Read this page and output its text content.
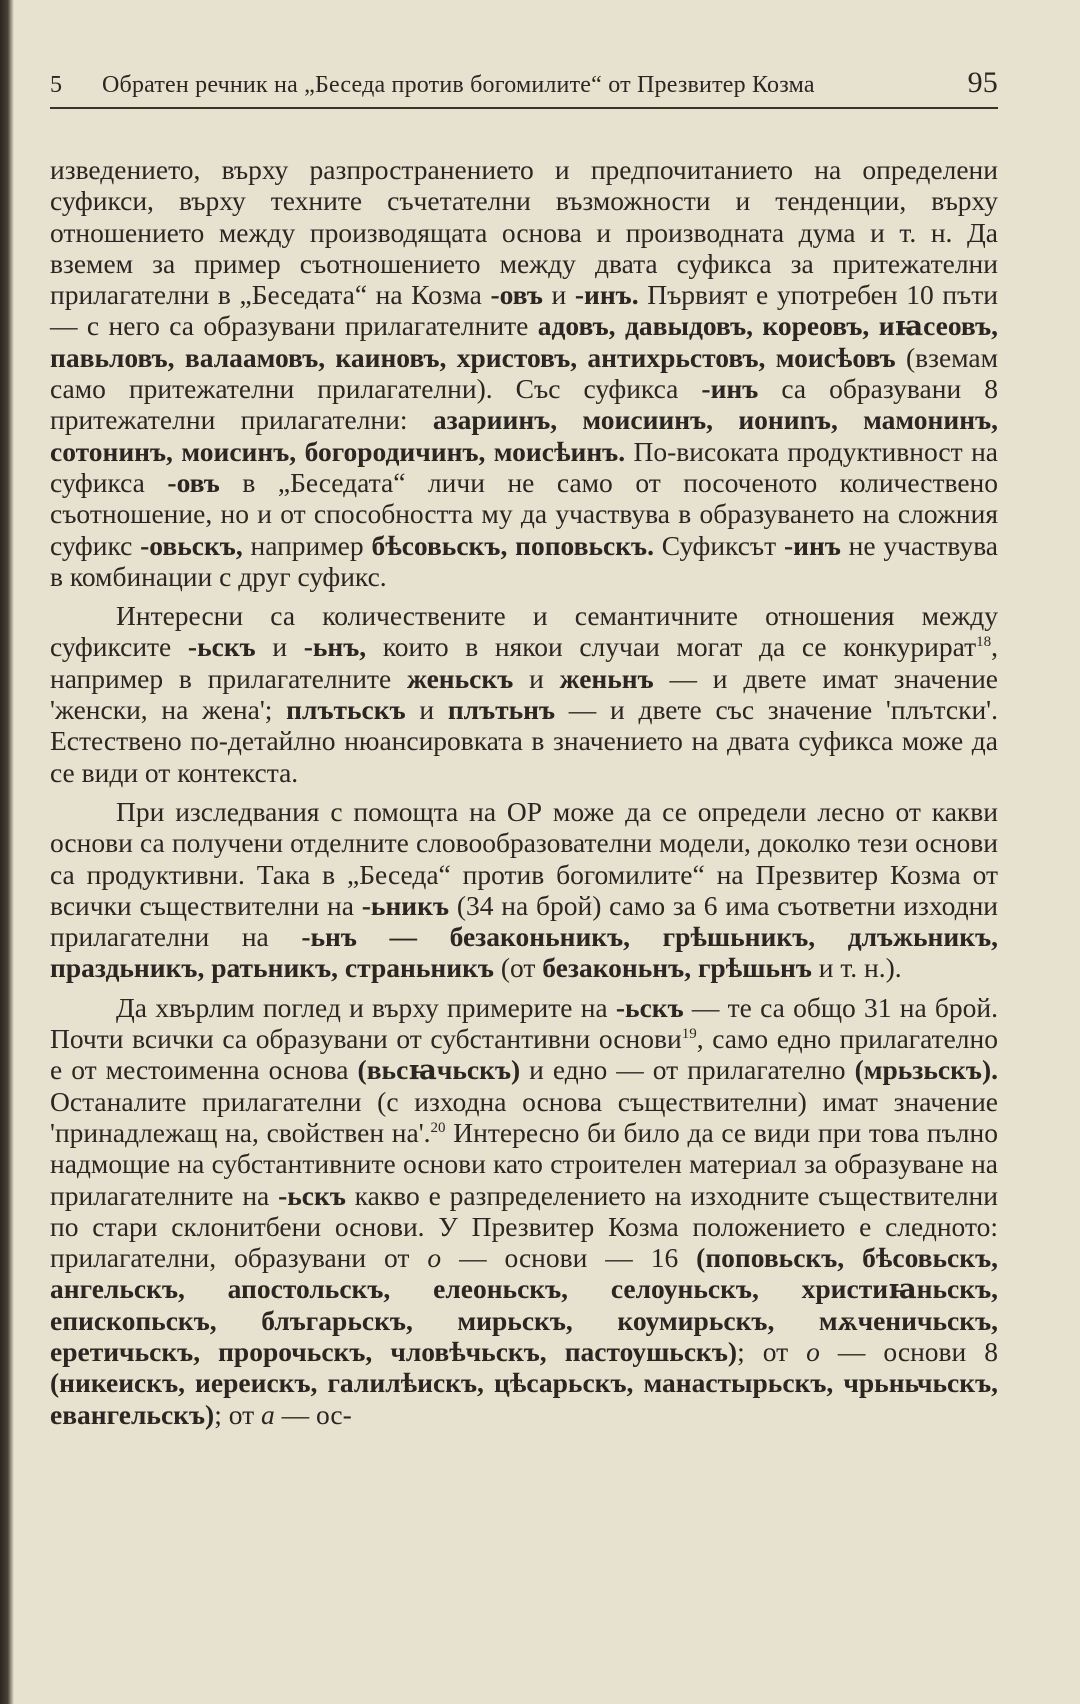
5	Обратен речник на „Беседа против богомилите“ от Презвитер Козма	95

изведението, върху разпространението и предпочитанието на определени суфикси, върху техните съчетателни възможности и тенденции, върху отношението между производящата основа и производната дума и т. н. Да вземем за пример съотношението между двата суфикса за притежателни прилагателни в „Беседата“ на Козма -овъ и -инъ. Първият е употребен 10 пъти — с него са образувани прилагателните адовъ, давыдовъ, кореовъ, иꙗсеовъ, павьловъ, валаамовъ, каиновъ, христовъ, антихрьстовъ, моисѣовъ (вземам само притежателни прилагателни). Със суфикса -инъ са образувани 8 притежателни прилагателни: азариинъ, моисиинъ, иониnъ, мамонинъ, сотонинъ, моисинъ, богородичинъ, моисѣинъ. По-високата продуктивност на суфикса -овъ в „Беседата“ личи не само от посоченото количествено съотношение, но и от способността му да участвува в образуването на сложния суфикс -овьскъ, например бѣсовьскъ, поповьскъ. Суфиксът -инъ не участвува в комбинации с друг суфикс.

Интересни са количествените и семантичните отношения между суфиксите -ьскъ и -ьнъ, които в някои случаи могат да се конкурират$^{18}$, например в прилагателните женьскъ и женьнъ — и двете имат значение 'женски, на жена'; плътьскъ и плътьнъ — и двете със значение 'плътски'. Естествено по-детайлно нюансировката в значението на двата суфикса може да се види от контекста.

При изследвания с помощта на ОР може да се определи лесно от какви основи са получени отделните словообразователни модели, доколко тези основи са продуктивни. Така в „Беседа“ против богомилите“ на Презвитер Козма от всички съществителни на -ьникъ (34 на брой) само за 6 има съответни изходни прилагателни на -ьнъ — безаконьникъ, грѣшьникъ, длъжьникъ, праздьникъ, ратьникъ, страньникъ (от безаконьнъ, грѣшьнъ и т. н.).

Да хвърлим поглед и върху примерите на -ьскъ — те са общо 31 на брой. Почти всички са образувани от субстантивни основи$^{19}$, само едно прилагателно е от местоименна основа (вьсꙗчьскъ) и едно — от прилагателно (мрьзьскъ). Останалите прилагателни (с изходна основа съществителни) имат значение 'принадлежащ на, свойствен на'.$^{20}$ Интересно би било да се види при това пълно надмощие на субстантивните основи като строителен материал за образуване на прилагателните на -ьскъ какво е разпределението на изходните съществителни по стари склонитбени основи. У Презвитер Козма положението е следното: прилагателни, образувани от о — основи — 16 (поповьскъ, бѣсовьскъ, ангельскъ, апостольскъ, елеоньскъ, селоуньскъ, христиꙗньскъ, епископьскъ, блъгарьскъ, мирьскъ, коумирьскъ, мѫченичьскъ, еретичьскъ, пророчьскъ, чловѣчьскъ, пастоушьскъ); от о — основи 8 (никеискъ, иереискъ, галилѣискъ, цѣсарьскъ, манастырьскъ, чрьньчьскъ, евангельскъ); от а — ос-
